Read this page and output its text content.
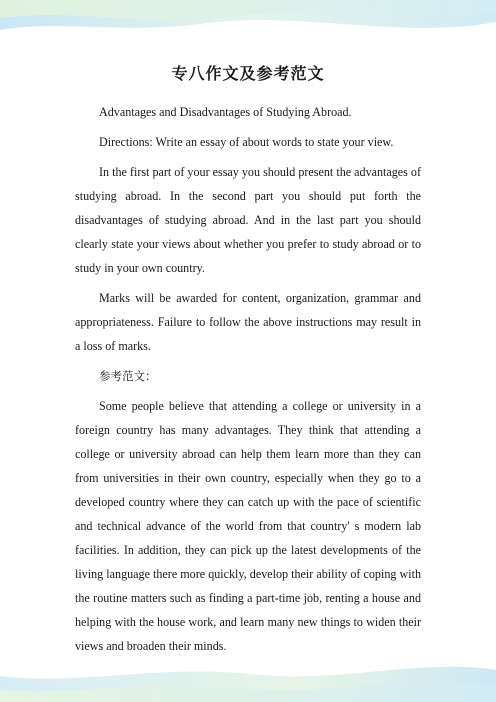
专八作文及参考范文

Advantages and Disadvantages of Studying Abroad.

Directions: Write an essay of about words to state your view.

In the first part of your essay you should present the advantages of studying abroad. In the second part you should put forth the disadvantages of studying abroad. And in the last part you should clearly state your views about whether you prefer to study abroad or to study in your own country.

Marks will be awarded for content, organization, grammar and appropriateness. Failure to follow the above instructions may result in a loss of marks.

参考范文：

Some people believe that attending a college or university in a foreign country has many advantages. They think that attending a college or university abroad can help them learn more than they can from universities in their own country, especially when they go to a developed country where they can catch up with the pace of scientific and technical advance of the world from that country' s modern lab facilities. In addition, they can pick up the latest developments of the living language there more quickly, develop their ability of coping with the routine matters such as finding a part-time job, renting a house and helping with the house work, and learn many new things to widen their views and broaden their minds.
